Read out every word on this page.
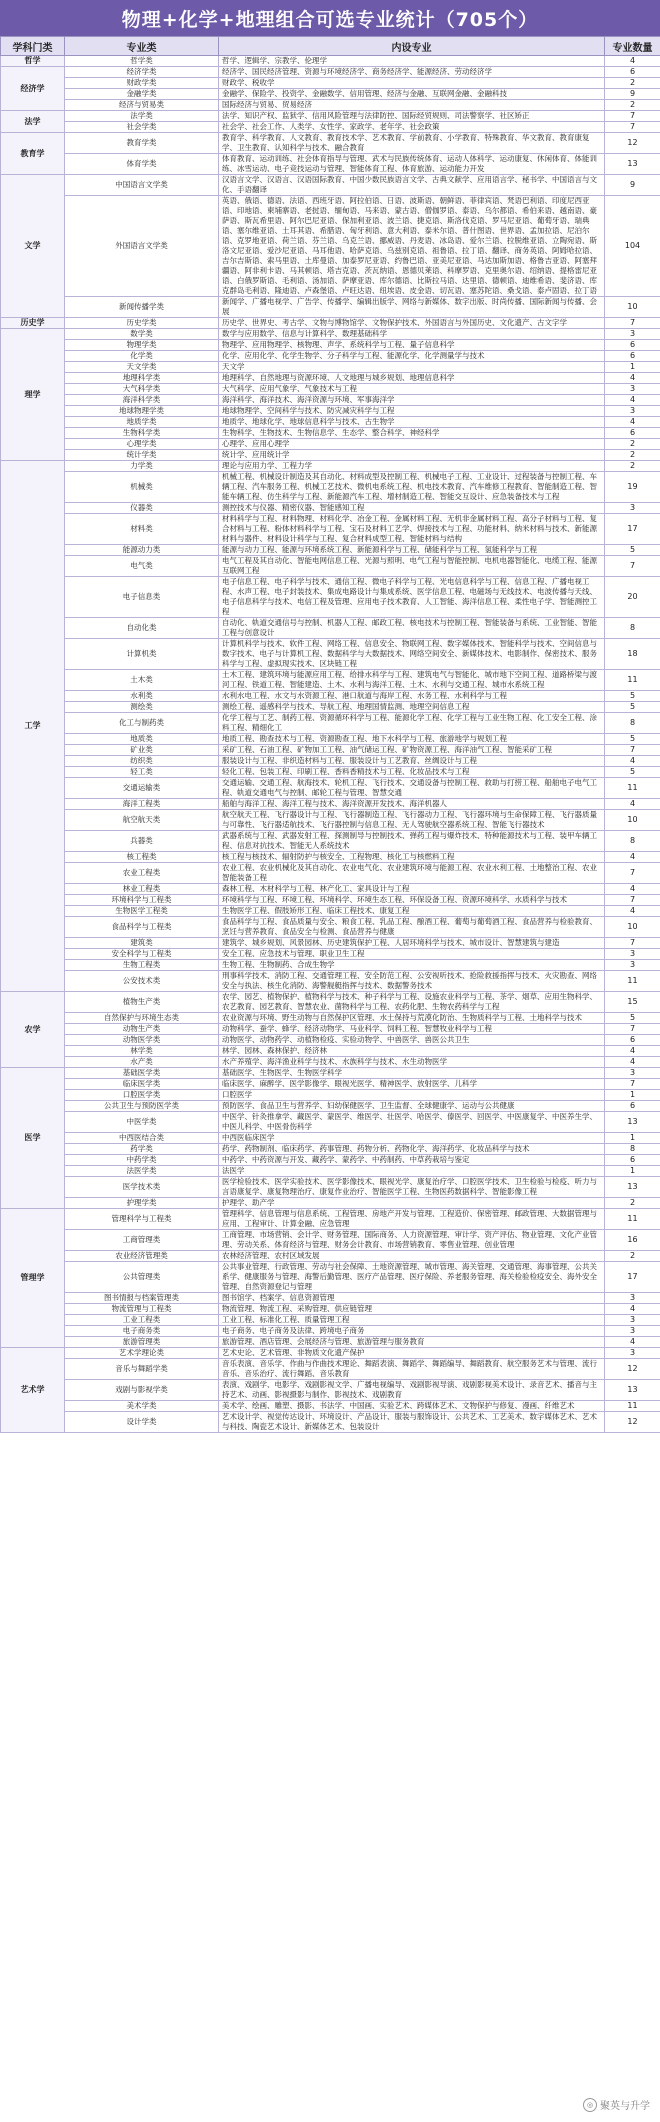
物理+化学+地理组合可选专业统计（705个）
学科门类	专业类	内设专业	专业数量
哲学	哲学类	哲学、逻辑学、宗教学、伦理学	4
经济学	经济学类	经济学、国民经济管理、资源与环境经济学、商务经济学、能源经济、劳动经济学	6
	财政学类	财政学、税收学	2
	金融学类	金融学、保险学、投资学、金融数学、信用管理、经济与金融、互联网金融、金融科技	9
	经济与贸易类	国际经济与贸易、贸易经济	2
法学	法学类	法学、知识产权、监狱学、信用风险管理与法律防控、国际经贸规则、司法警察学、社区矫正	7
	社会学类	社会学、社会工作、人类学、女性学、家政学、老年学、社会政策	7
教育学	教育学类	教育学、科学教育、人文教育、教育技术学、艺术教育、学前教育、小学教育、特殊教育、华文教育、教育康复学、卫生教育、认知科学与技术、融合教育	12
	体育学类	体育教育、运动训练、社会体育指导与管理、武术与民族传统体育、运动人体科学、运动康复、休闲体育、体能训练、冰雪运动、电子竞技运动与管理、智能体育工程、体育旅游、运动能力开发	13
文学	中国语言文学类	汉语言文学、汉语言、汉语国际教育、中国少数民族语言文学、古典文献学、应用语言学、秘书学、中国语言与文化、手语翻译	9
	外国语言文学类	英语、俄语、德语、法语、西班牙语、阿拉伯语、日语、波斯语、朝鲜语、菲律宾语、梵语巴利语、印度尼西亚语、印地语、柬埔寨语、老挝语、缅甸语、马来语、蒙古语、僧伽罗语、泰语、乌尔都语、希伯来语、越南语、豪萨语、斯瓦希里语、阿尔巴尼亚语、保加利亚语、波兰语、捷克语、斯洛伐克语、罗马尼亚语、葡萄牙语、瑞典语、塞尔维亚语、土耳其语、希腊语、匈牙利语、意大利语、泰米尔语、普什图语、世界语、孟加拉语、尼泊尔语、克罗地亚语、荷兰语、芬兰语、乌克兰语、挪威语、丹麦语、冰岛语、爱尔兰语、拉脱维亚语、立陶宛语、斯洛文尼亚语、爱沙尼亚语、马耳他语、哈萨克语、乌兹别克语、祖鲁语、拉丁语、翻译、商务英语、阿姆哈拉语、吉尔吉斯语、索马里语、土库曼语、加泰罗尼亚语、约鲁巴语、亚美尼亚语、马达加斯加语、格鲁吉亚语、阿塞拜疆语、阿非利卡语、马其顿语、塔吉克语、茨瓦纳语、恩德贝莱语、科摩罗语、克里奥尔语、绍纳语、提格雷尼亚语、白俄罗斯语、毛利语、汤加语、萨摩亚语、库尔德语、比斯拉马语、达里语、德顿语、迪维希语、斐济语、库克群岛毛利语、隆迪语、卢森堡语、卢旺达语、纽埃语、皮金语、切瓦语、塞苏陀语、桑戈语、泰卢固语、拉丁语	104
	新闻传播学类	新闻学、广播电视学、广告学、传播学、编辑出版学、网络与新媒体、数字出版、时尚传播、国际新闻与传播、会展	10
历史学	历史学类	历史学、世界史、考古学、文物与博物馆学、文物保护技术、外国语言与外国历史、文化遗产、古文字学	7
理学	数学类	数学与应用数学、信息与计算科学、数理基础科学	3
	物理学类	物理学、应用物理学、核物理、声学、系统科学与工程、量子信息科学	6
	化学类	化学、应用化学、化学生物学、分子科学与工程、能源化学、化学测量学与技术	6
	天文学类	天文学	1
	地理科学类	地理科学、自然地理与资源环境、人文地理与城乡规划、地理信息科学	4
	大气科学类	大气科学、应用气象学、气象技术与工程	3
	海洋科学类	海洋科学、海洋技术、海洋资源与环境、军事海洋学	4
	地球物理学类	地球物理学、空间科学与技术、防灾减灾科学与工程	3
	地质学类	地质学、地球化学、地球信息科学与技术、古生物学	4
	生物科学类	生物科学、生物技术、生物信息学、生态学、整合科学、神经科学	6
	心理学类	心理学、应用心理学	2
	统计学类	统计学、应用统计学	2
工学	力学类	理论与应用力学、工程力学	2
	机械类	机械工程、机械设计制造及其自动化、材料成型及控制工程、机械电子工程、工业设计、过程装备与控制工程、车辆工程、汽车服务工程、机械工艺技术、微机电系统工程、机电技术教育、汽车维修工程教育、智能制造工程、智能车辆工程、仿生科学与工程、新能源汽车工程、增材制造工程、智能交互设计、应急装备技术与工程	19
	仪器类	测控技术与仪器、精密仪器、智能感知工程	3
	材料类	材料科学与工程、材料物理、材料化学、冶金工程、金属材料工程、无机非金属材料工程、高分子材料与工程、复合材料与工程、粉体材料科学与工程、宝石及材料工艺学、焊接技术与工程、功能材料、纳米材料与技术、新能源材料与器件、材料设计科学与工程、复合材料成型工程、智能材料与结构	17
	能源动力类	能源与动力工程、能源与环境系统工程、新能源科学与工程、储能科学与工程、氢能科学与工程	5
	电气类	电气工程及其自动化、智能电网信息工程、光源与照明、电气工程与智能控制、电机电器智能化、电缆工程、能源互联网工程	7
	电子信息类	电子信息工程、电子科学与技术、通信工程、微电子科学与工程、光电信息科学与工程、信息工程、广播电视工程、水声工程、电子封装技术、集成电路设计与集成系统、医学信息工程、电磁场与无线技术、电波传播与天线、电子信息科学与技术、电信工程及管理、应用电子技术教育、人工智能、海洋信息工程、柔性电子学、智能测控工程	20
	自动化类	自动化、轨道交通信号与控制、机器人工程、邮政工程、核电技术与控制工程、智能装备与系统、工业智能、智能工程与创意设计	8
	计算机类	计算机科学与技术、软件工程、网络工程、信息安全、物联网工程、数字媒体技术、智能科学与技术、空间信息与数字技术、电子与计算机工程、数据科学与大数据技术、网络空间安全、新媒体技术、电影制作、保密技术、服务科学与工程、虚拟现实技术、区块链工程	18
	土木类	土木工程、建筑环境与能源应用工程、给排水科学与工程、建筑电气与智能化、城市地下空间工程、道路桥梁与渡河工程、铁道工程、智能建造、土木、水利与海洋工程、土木、水利与交通工程、城市水系统工程	11
	水利类	水利水电工程、水文与水资源工程、港口航道与海岸工程、水务工程、水利科学与工程	5
	测绘类	测绘工程、遥感科学与技术、导航工程、地理国情监测、地理空间信息工程	5
	化工与制药类	化学工程与工艺、制药工程、资源循环科学与工程、能源化学工程、化学工程与工业生物工程、化工安全工程、涂料工程、精细化工	8
	地质类	地质工程、勘查技术与工程、资源勘查工程、地下水科学与工程、旅游地学与规划工程	5
	矿业类	采矿工程、石油工程、矿物加工工程、油气储运工程、矿物资源工程、海洋油气工程、智能采矿工程	7
	纺织类	服装设计与工程、非织造材料与工程、服装设计与工艺教育、丝绸设计与工程	4
	轻工类	轻化工程、包装工程、印刷工程、香料香精技术与工程、化妆品技术与工程	5
	交通运输类	交通运输、交通工程、航海技术、轮机工程、飞行技术、交通设备与控制工程、救助与打捞工程、船舶电子电气工程、轨道交通电气与控制、邮轮工程与管理、智慧交通	11
	海洋工程类	船舶与海洋工程、海洋工程与技术、海洋资源开发技术、海洋机器人	4
	航空航天类	航空航天工程、飞行器设计与工程、飞行器制造工程、飞行器动力工程、飞行器环境与生命保障工程、飞行器质量与可靠性、飞行器适航技术、飞行器控制与信息工程、无人驾驶航空器系统工程、智能飞行器技术	10
	兵器类	武器系统与工程、武器发射工程、探测制导与控制技术、弹药工程与爆炸技术、特种能源技术与工程、装甲车辆工程、信息对抗技术、智能无人系统技术	8
	核工程类	核工程与核技术、辐射防护与核安全、工程物理、核化工与核燃料工程	4
	农业工程类	农业工程、农业机械化及其自动化、农业电气化、农业建筑环境与能源工程、农业水利工程、土地整治工程、农业智能装备工程	7
	林业工程类	森林工程、木材科学与工程、林产化工、家具设计与工程	4
	环境科学与工程类	环境科学与工程、环境工程、环境科学、环境生态工程、环保设备工程、资源环境科学、水质科学与技术	7
	生物医学工程类	生物医学工程、假肢矫形工程、临床工程技术、康复工程	4
	食品科学与工程类	食品科学与工程、食品质量与安全、粮食工程、乳品工程、酿酒工程、葡萄与葡萄酒工程、食品营养与检验教育、烹饪与营养教育、食品安全与检测、食品营养与健康	10
	建筑类	建筑学、城乡规划、风景园林、历史建筑保护工程、人居环境科学与技术、城市设计、智慧建筑与建造	7
	安全科学与工程类	安全工程、应急技术与管理、职业卫生工程	3
	生物工程类	生物工程、生物制药、合成生物学	3
	公安技术类	刑事科学技术、消防工程、交通管理工程、安全防范工程、公安视听技术、抢险救援指挥与技术、火灾勘查、网络安全与执法、核生化消防、海警舰艇指挥与技术、数据警务技术	11
农学	植物生产类	农学、园艺、植物保护、植物科学与技术、种子科学与工程、设施农业科学与工程、茶学、烟草、应用生物科学、农艺教育、园艺教育、智慧农业、菌物科学与工程、农药化肥、生物农药科学与工程	15
	自然保护与环境生态类	农业资源与环境、野生动物与自然保护区管理、水土保持与荒漠化防治、生物质科学与工程、土地科学与技术	5
	动物生产类	动物科学、蚕学、蜂学、经济动物学、马业科学、饲料工程、智慧牧业科学与工程	7
	动物医学类	动物医学、动物药学、动植物检疫、实验动物学、中兽医学、兽医公共卫生	6
	林学类	林学、园林、森林保护、经济林	4
	水产类	水产养殖学、海洋渔业科学与技术、水族科学与技术、水生动物医学	4
医学	基础医学类	基础医学、生物医学、生物医学科学	3
	临床医学类	临床医学、麻醉学、医学影像学、眼视光医学、精神医学、放射医学、儿科学	7
	口腔医学类	口腔医学	1
	公共卫生与预防医学类	预防医学、食品卫生与营养学、妇幼保健医学、卫生监督、全球健康学、运动与公共健康	6
	中医学类	中医学、针灸推拿学、藏医学、蒙医学、维医学、壮医学、哈医学、傣医学、回医学、中医康复学、中医养生学、中医儿科学、中医骨伤科学	13
	中西医结合类	中西医临床医学	1
	药学类	药学、药物制剂、临床药学、药事管理、药物分析、药物化学、海洋药学、化妆品科学与技术	8
	中药学类	中药学、中药资源与开发、藏药学、蒙药学、中药制药、中草药栽培与鉴定	6
	法医学类	法医学	1
	医学技术类	医学检验技术、医学实验技术、医学影像技术、眼视光学、康复治疗学、口腔医学技术、卫生检验与检疫、听力与言语康复学、康复物理治疗、康复作业治疗、智能医学工程、生物医药数据科学、智能影像工程	13
	护理学类	护理学、助产学	2
管理学	管理科学与工程类	管理科学、信息管理与信息系统、工程管理、房地产开发与管理、工程造价、保密管理、邮政管理、大数据管理与应用、工程审计、计算金融、应急管理	11
	工商管理类	工商管理、市场营销、会计学、财务管理、国际商务、人力资源管理、审计学、资产评估、物业管理、文化产业管理、劳动关系、体育经济与管理、财务会计教育、市场营销教育、零售业管理、创业管理	16
	农业经济管理类	农林经济管理、农村区域发展	2
	公共管理类	公共事业管理、行政管理、劳动与社会保障、土地资源管理、城市管理、海关管理、交通管理、海事管理、公共关系学、健康服务与管理、海警后勤管理、医疗产品管理、医疗保险、养老服务管理、海关检验检疫安全、海外安全管理、自然资源登记与管理	17
	图书情报与档案管理类	图书馆学、档案学、信息资源管理	3
	物流管理与工程类	物流管理、物流工程、采购管理、供应链管理	4
	工业工程类	工业工程、标准化工程、质量管理工程	3
	电子商务类	电子商务、电子商务及法律、跨境电子商务	3
	旅游管理类	旅游管理、酒店管理、会展经济与管理、旅游管理与服务教育	4
艺术学	艺术学理论类	艺术史论、艺术管理、非物质文化遗产保护	3
	音乐与舞蹈学类	音乐表演、音乐学、作曲与作曲技术理论、舞蹈表演、舞蹈学、舞蹈编导、舞蹈教育、航空服务艺术与管理、流行音乐、音乐治疗、流行舞蹈、音乐教育	12
	戏剧与影视学类	表演、戏剧学、电影学、戏剧影视文学、广播电视编导、戏剧影视导演、戏剧影视美术设计、录音艺术、播音与主持艺术、动画、影视摄影与制作、影视技术、戏剧教育	13
	美术学类	美术学、绘画、雕塑、摄影、书法学、中国画、实验艺术、跨媒体艺术、文物保护与修复、漫画、纤维艺术	11
	设计学类	艺术设计学、视觉传达设计、环境设计、产品设计、服装与服饰设计、公共艺术、工艺美术、数字媒体艺术、艺术与科技、陶瓷艺术设计、新媒体艺术、包装设计	12
◎ 聚英与升学
